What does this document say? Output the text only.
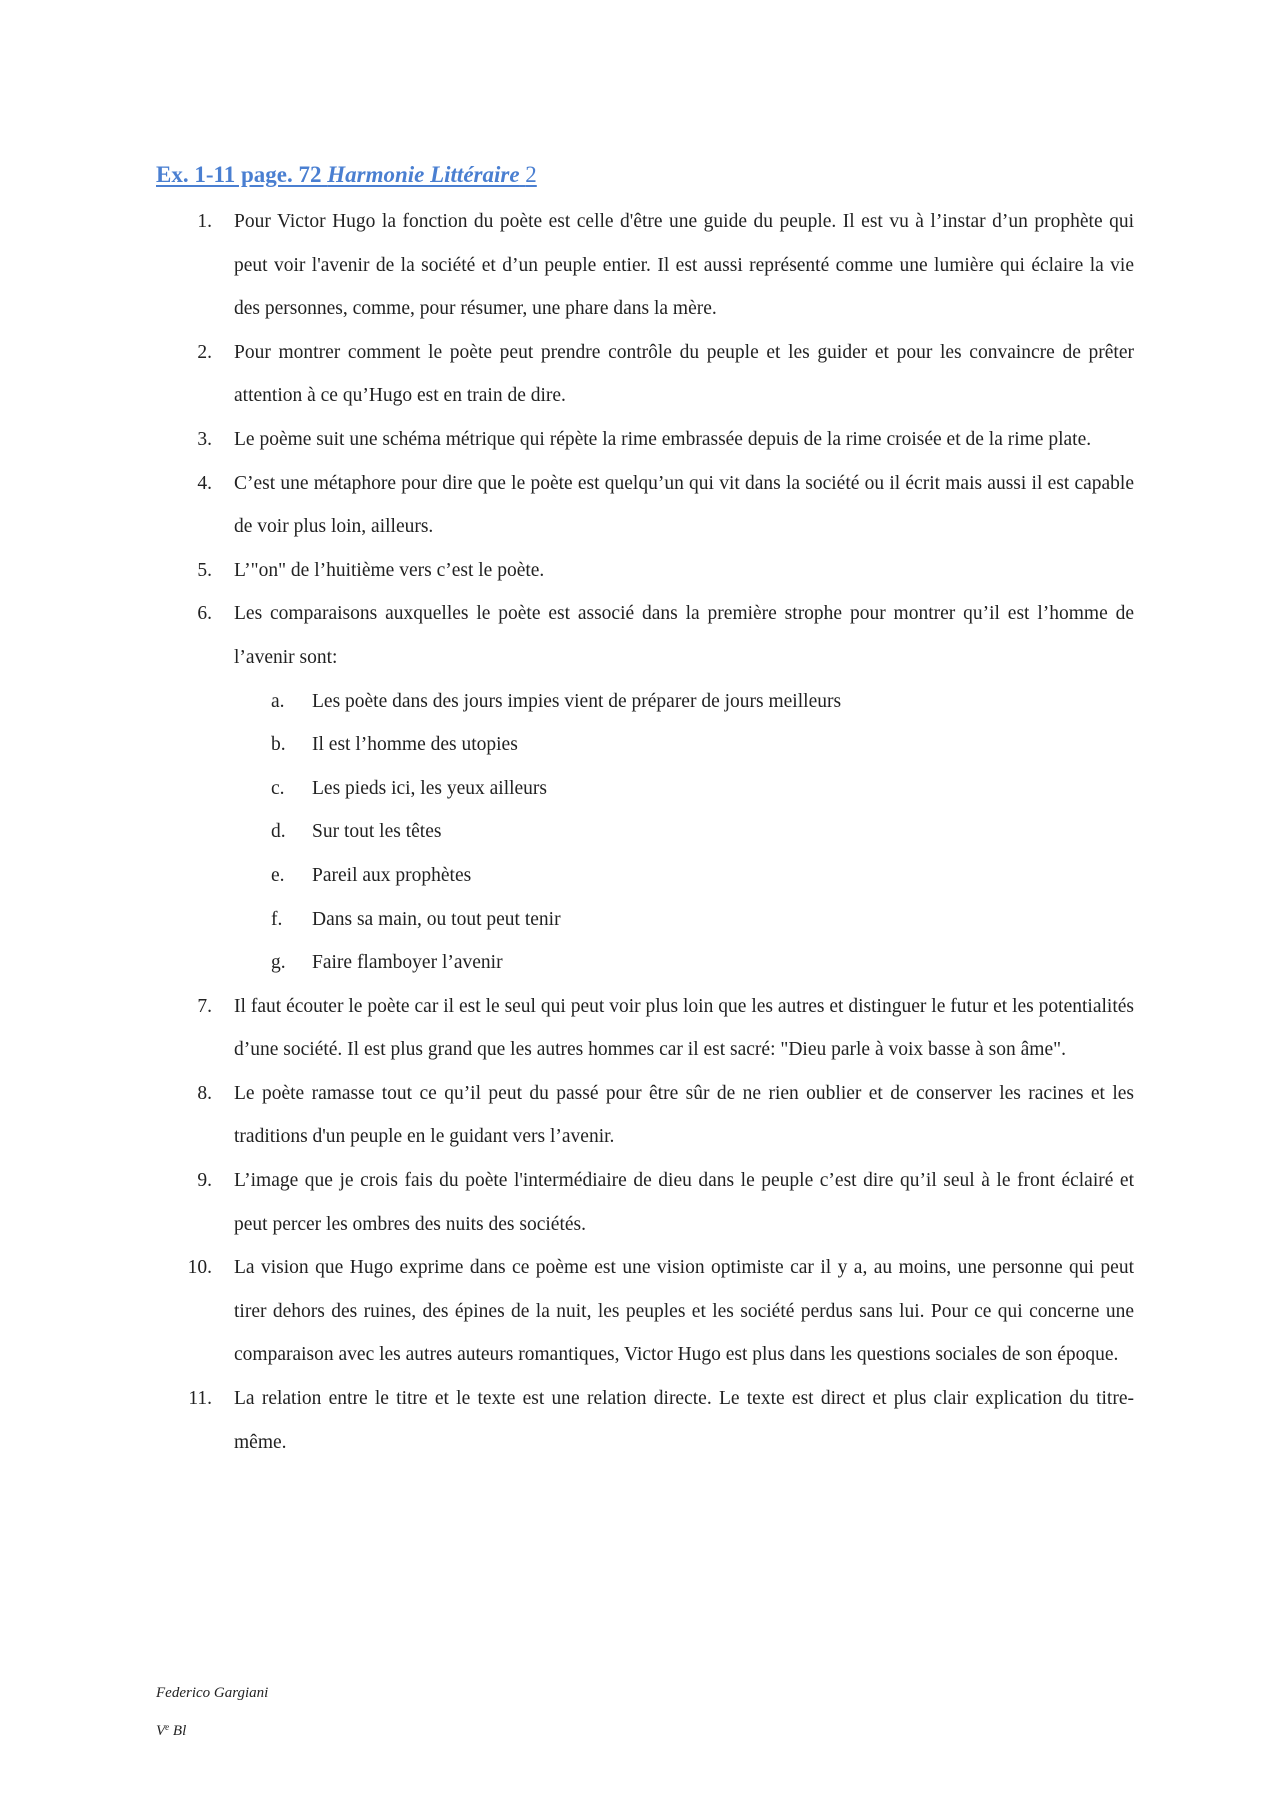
Ex. 1-11 page. 72 Harmonie Littéraire 2
1. Pour Victor Hugo la fonction du poète est celle d'être une guide du peuple. Il est vu à l’instar d’un prophète qui peut voir l'avenir de la société et d’un peuple entier. Il est aussi représenté comme une lumière qui éclaire la vie des personnes, comme, pour résumer, une phare dans la mère.
2. Pour montrer comment le poète peut prendre contrôle du peuple et les guider et pour les convaincre de prêter attention à ce qu’Hugo est en train de dire.
3. Le poème suit une schéma métrique qui répète la rime embrassée depuis de la rime croisée et de la rime plate.
4. C’est une métaphore pour dire que le poète est quelqu’un qui vit dans la société ou il écrit mais aussi il est capable de voir plus loin, ailleurs.
5. L’"on" de l’huitième vers c’est le poète.
6. Les comparaisons auxquelles le poète est associé dans la première strophe pour montrer qu’il est l’homme de l’avenir sont:
a.	Les poète dans des jours impies vient de préparer de jours meilleurs
b.	Il est l’homme des utopies
c.	Les pieds ici, les yeux ailleurs
d.	Sur tout les têtes
e.	Pareil aux prophètes
f.	Dans sa main, ou tout peut tenir
g.	Faire flamboyer l’avenir
7. Il faut écouter le poète car il est le seul qui peut voir plus loin que les autres et distinguer le futur et les potentialités d’une société. Il est plus grand que les autres hommes car il est sacré: "Dieu parle à voix basse à son âme".
8. Le poète ramasse tout ce qu’il peut du passé pour être sûr de ne rien oublier et de conserver les racines et les traditions d'un peuple en le guidant vers l’avenir.
9. L’image que je crois fais du poète l'intermédiaire de dieu dans le peuple c’est dire qu’il seul à le front éclairé et peut percer les ombres des nuits des sociétés.
10. La vision que Hugo exprime dans ce poème est une vision optimiste car il y a, au moins, une personne qui peut tirer dehors des ruines, des épines de la nuit, les peuples et les société perdus sans lui. Pour ce qui concerne une comparaison avec les autres auteurs romantiques, Victor Hugo est plus dans les questions sociales de son époque.
11. La relation entre le titre et le texte est une relation directe. Le texte est direct et plus clair explication du titre-même.
Federico Gargiani
Ve Bl
